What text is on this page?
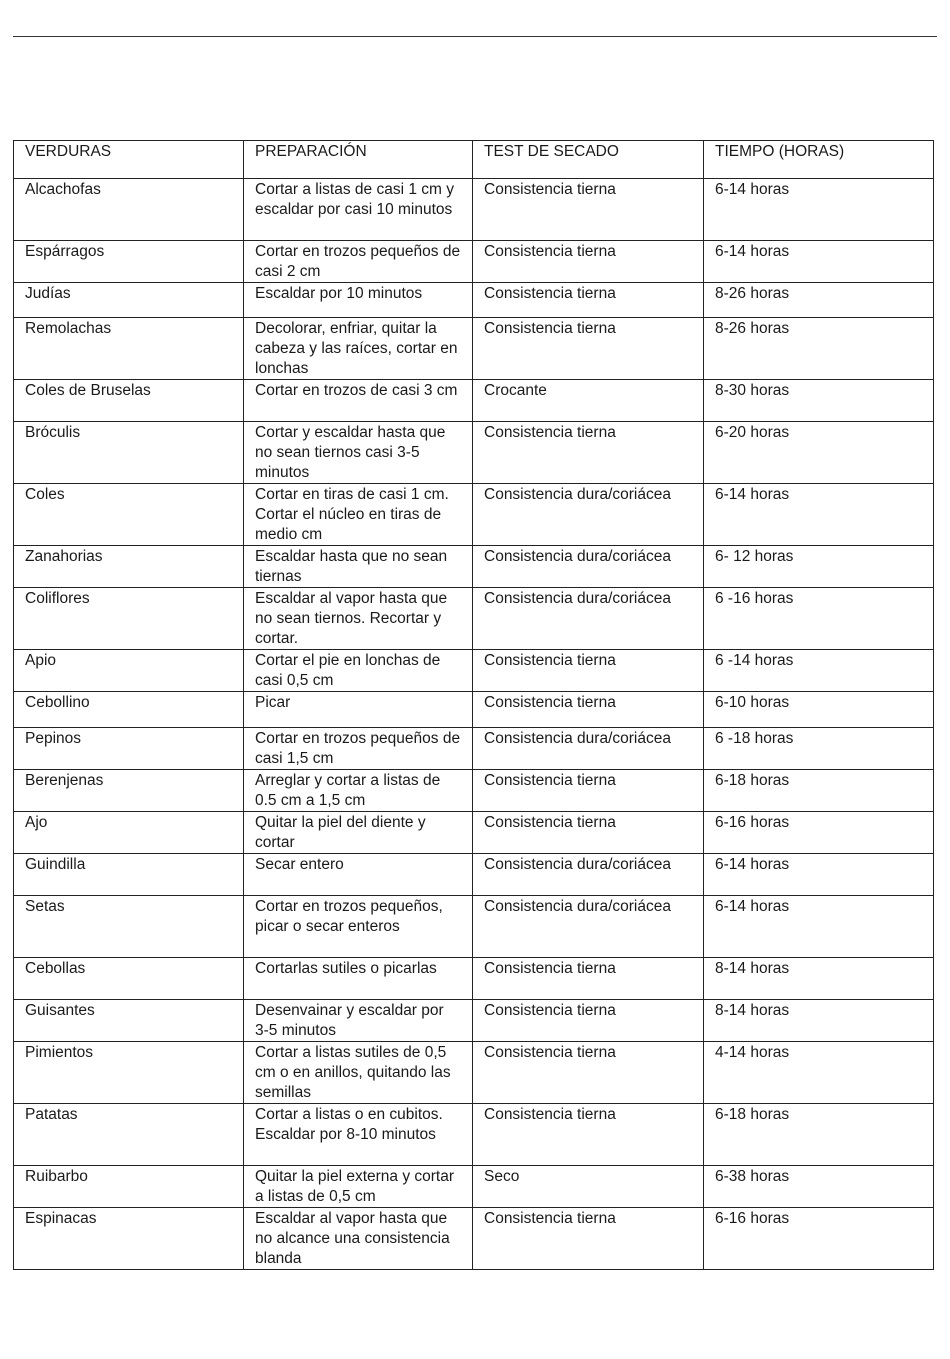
VERDURAS	PREPARACIÓN	TEST DE SECADO	TIEMPO (HORAS)
Alcachofas	Cortar a listas de casi 1 cm y escaldar por casi 10 minutos	Consistencia tierna	6-14 horas
Espárragos	Cortar en trozos pequeños de casi 2 cm	Consistencia tierna	6-14 horas
Judías	Escaldar por 10 minutos	Consistencia tierna	8-26 horas
Remolachas	Decolorar, enfriar, quitar la cabeza y las raíces, cortar en lonchas	Consistencia tierna	8-26 horas
Coles de Bruselas	Cortar en trozos de casi 3 cm	Crocante	8-30 horas
Bróculis	Cortar y escaldar hasta que no sean tiernos casi 3-5 minutos	Consistencia tierna	6-20 horas
Coles	Cortar en tiras de casi 1 cm. Cortar el núcleo en tiras de medio cm	Consistencia dura/coriácea	6-14 horas
Zanahorias	Escaldar hasta que no sean tiernas	Consistencia dura/coriácea	6- 12 horas
Coliflores	Escaldar al vapor hasta que no sean tiernos. Recortar y cortar.	Consistencia dura/coriácea	6 -16 horas
Apio	Cortar el pie en lonchas de casi 0,5 cm	Consistencia tierna	6 -14 horas
Cebollino	Picar	Consistencia tierna	6-10 horas
Pepinos	Cortar en trozos pequeños de casi 1,5 cm	Consistencia dura/coriácea	6 -18 horas
Berenjenas	Arreglar y cortar a listas de 0.5 cm a 1,5 cm	Consistencia tierna	6-18 horas
Ajo	Quitar la piel del diente y cortar	Consistencia tierna	6-16 horas
Guindilla	Secar entero	Consistencia dura/coriácea	6-14 horas
Setas	Cortar en trozos pequeños, picar o secar enteros	Consistencia dura/coriácea	6-14 horas
Cebollas	Cortarlas sutiles o picarlas	Consistencia tierna	8-14 horas
Guisantes	Desenvainar y escaldar por 3-5 minutos	Consistencia tierna	8-14 horas
Pimientos	Cortar a listas sutiles de 0,5 cm o en anillos, quitando las semillas	Consistencia tierna	4-14 horas
Patatas	Cortar a listas o en cubitos. Escaldar por 8-10 minutos	Consistencia tierna	6-18 horas
Ruibarbo	Quitar la piel externa y cortar a listas de 0,5 cm	Seco	6-38 horas
Espinacas	Escaldar al vapor hasta que no alcance una consistencia blanda	Consistencia tierna	6-16 horas
